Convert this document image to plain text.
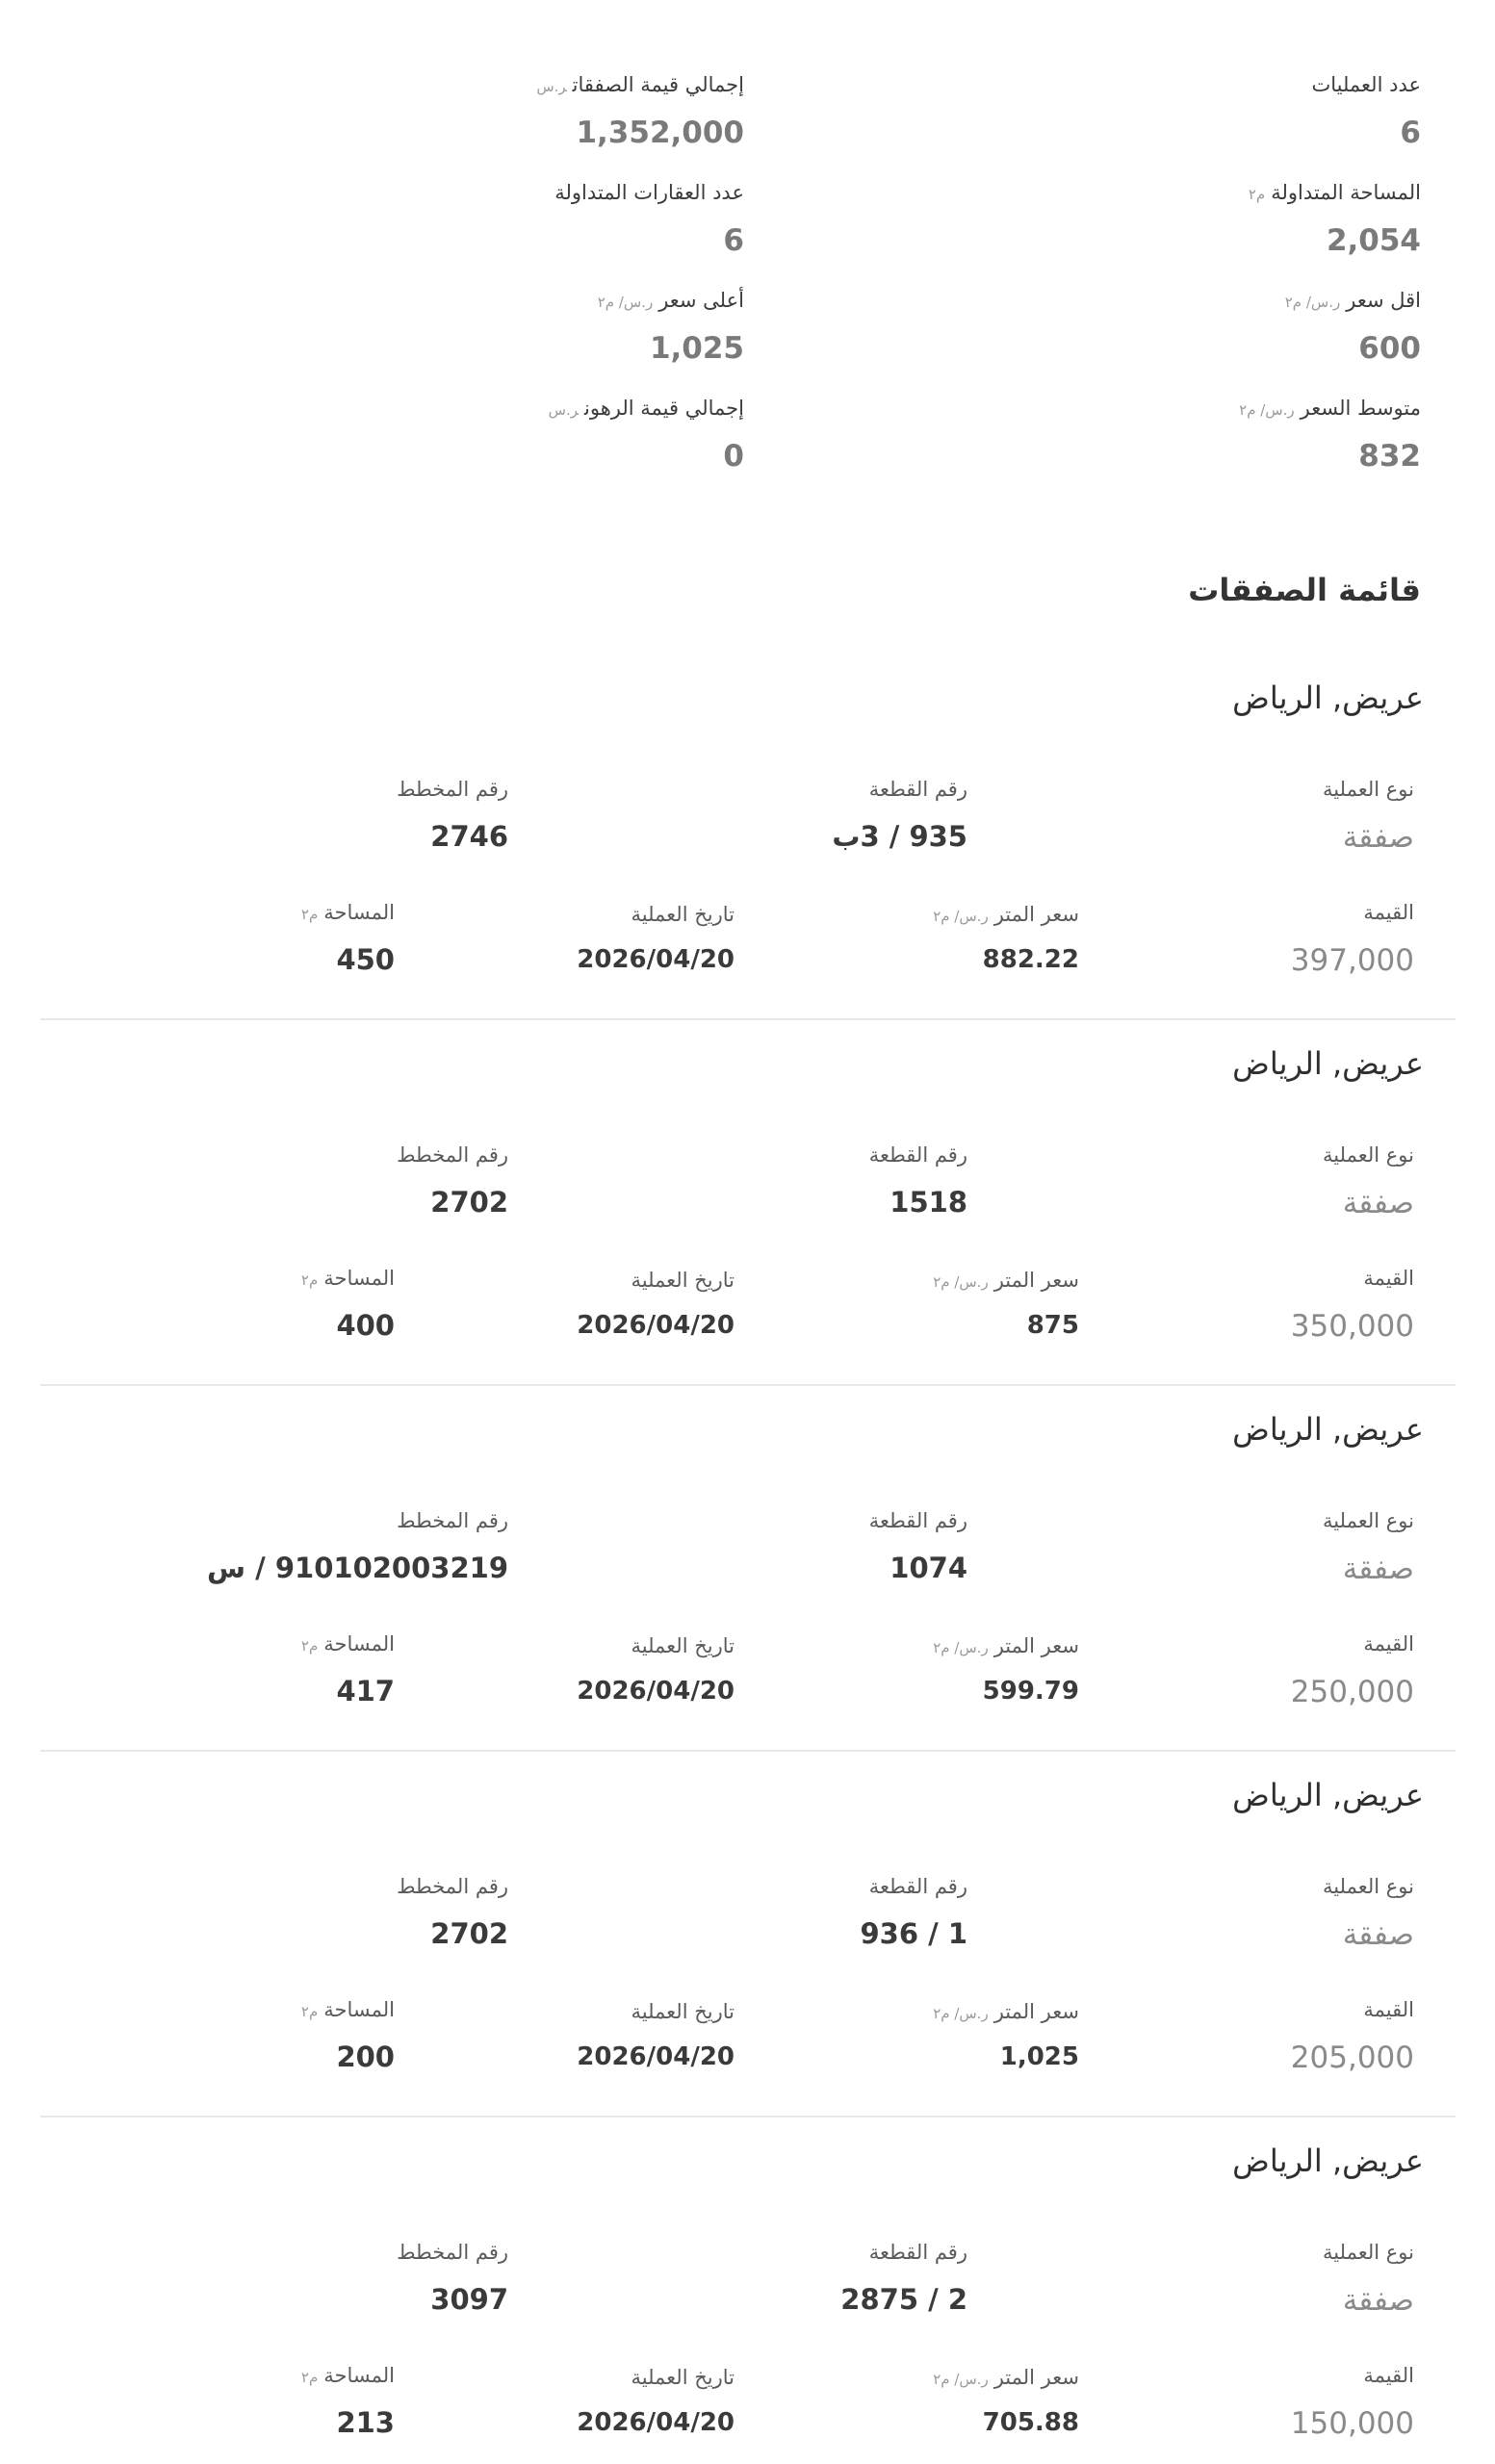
عدد العمليات
6
إجمالي قيمة الصفقاتر.س
1,352,000
المساحة المتداولةم٢
2,054
عدد العقارات المتداولة
6
اقل سعرر.س/ م٢
600
أعلى سعرر.س/ م٢
1,025
متوسط السعرر.س/ م٢
832
إجمالي قيمة الرهونر.س
0
قائمة الصفقات
عريض, الرياض
نوع العملية
صفقة
رقم القطعة
935 / 3ب
رقم المخطط
2746
القيمة
397,000
سعر المترر.س/ م٢
882.22
تاريخ العملية
2026/04/20
المساحةم٢
450
عريض, الرياض
نوع العملية
صفقة
رقم القطعة
1518
رقم المخطط
2702
القيمة
350,000
سعر المترر.س/ م٢
875
تاريخ العملية
2026/04/20
المساحةم٢
400
عريض, الرياض
نوع العملية
صفقة
رقم القطعة
1074
رقم المخطط
910102003219 / س
القيمة
250,000
سعر المترر.س/ م٢
599.79
تاريخ العملية
2026/04/20
المساحةم٢
417
عريض, الرياض
نوع العملية
صفقة
رقم القطعة
1 / 936
رقم المخطط
2702
القيمة
205,000
سعر المترر.س/ م٢
1,025
تاريخ العملية
2026/04/20
المساحةم٢
200
عريض, الرياض
نوع العملية
صفقة
رقم القطعة
2 / 2875
رقم المخطط
3097
القيمة
150,000
سعر المترر.س/ م٢
705.88
تاريخ العملية
2026/04/20
المساحةم٢
213
